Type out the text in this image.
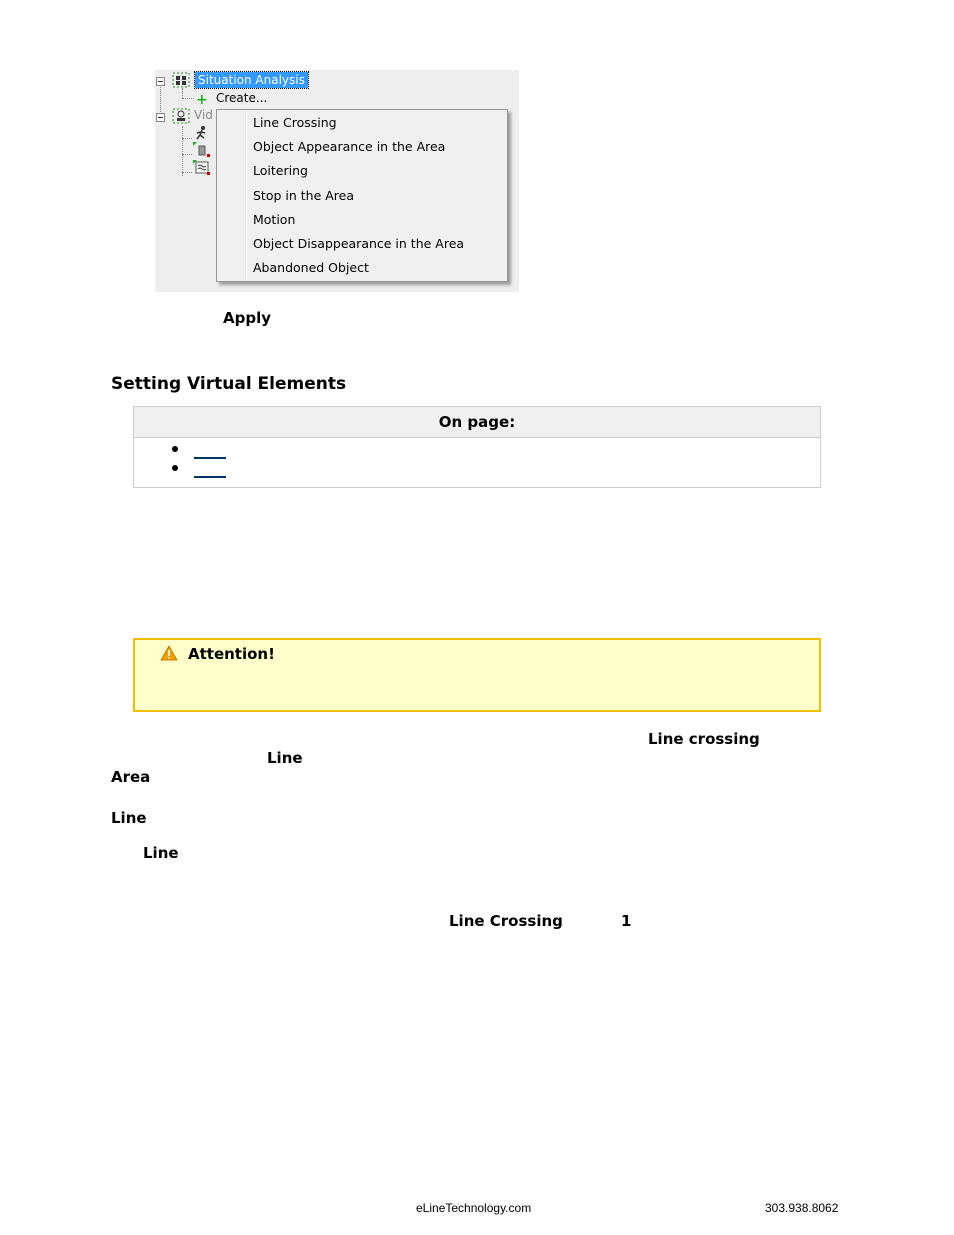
Situation Analysis
+ Create...
Vid	Line Crossing
Object Appearance in the Area
Loitering
Stop in the Area
Motion
Object Disappearance in the Area
Abandoned Object
Apply
Setting Virtual Elements
On page:
Attention!
Line crossing
Line
Area
Line
Line
Line Crossing	1
eLineTechnology.com	303.938.8062
